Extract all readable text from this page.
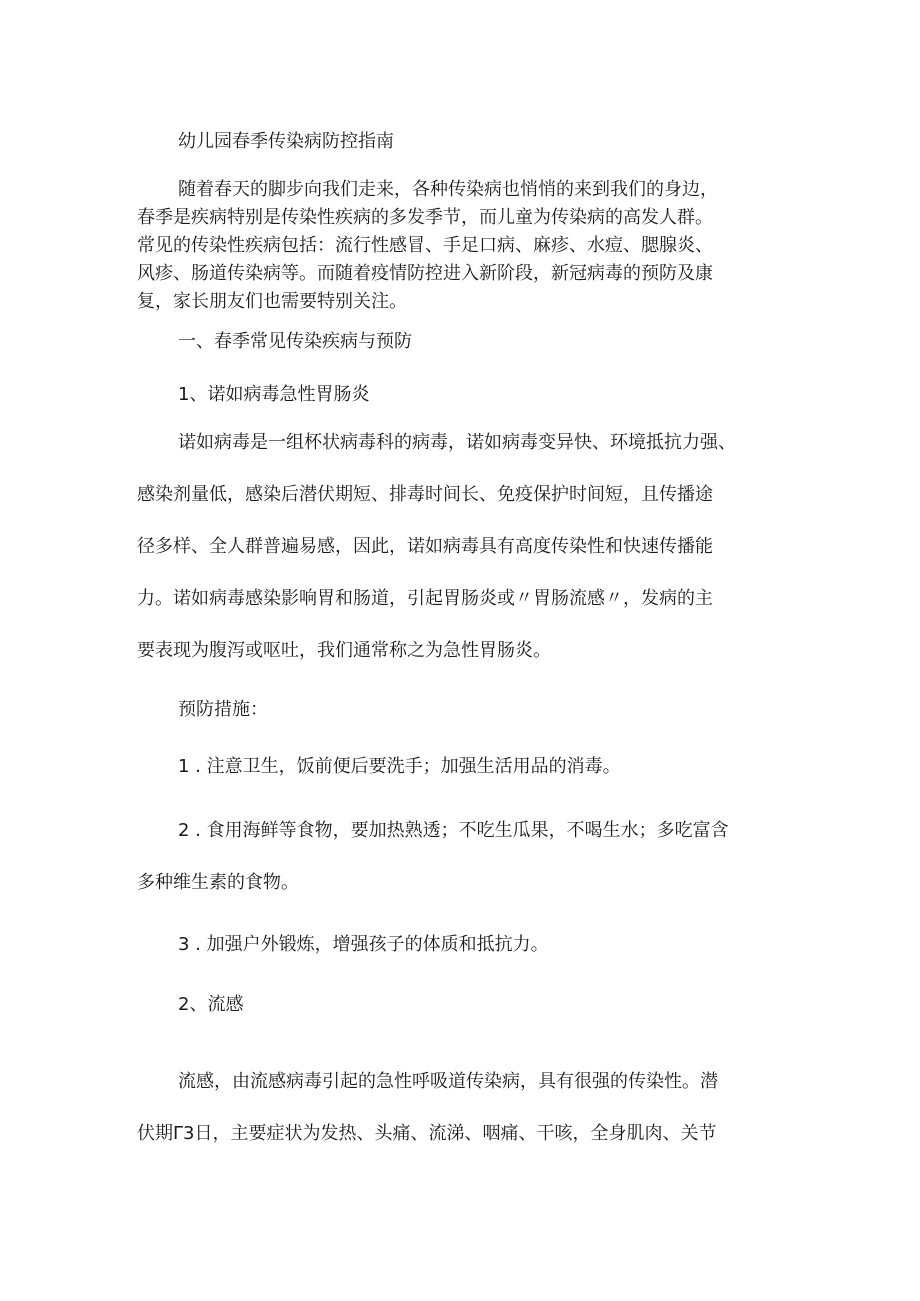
幼儿园春季传染病防控指南
随着春天的脚步向我们走来，各种传染病也悄悄的来到我们的身边，
春季是疾病特别是传染性疾病的多发季节，而儿童为传染病的高发人群。
常见的传染性疾病包括：流行性感冒、手足口病、麻疹、水痘、腮腺炎、
风疹、肠道传染病等。而随着疫情防控进入新阶段，新冠病毒的预防及康
复，家长朋友们也需要特别关注。
一、春季常见传染疾病与预防
1、诺如病毒急性胃肠炎
诺如病毒是一组杯状病毒科的病毒，诺如病毒变异快、环境抵抗力强、
感染剂量低，感染后潜伏期短、排毒时间长、免疫保护时间短，且传播途
径多样、全人群普遍易感，因此，诺如病毒具有高度传染性和快速传播能
力。诺如病毒感染影响胃和肠道，引起胃肠炎或〃胃肠流感〃，发病的主
要表现为腹泻或呕吐，我们通常称之为急性胃肠炎。
预防措施：
1 . 注意卫生，饭前便后要洗手；加强生活用品的消毒。
2 . 食用海鲜等食物，要加热熟透；不吃生瓜果，不喝生水；多吃富含
多种维生素的食物。
3 . 加强户外锻炼，增强孩子的体质和抵抗力。
2、流感
流感，由流感病毒引起的急性呼吸道传染病，具有很强的传染性。潜
伏期Γ3日，主要症状为发热、头痛、流涕、咽痛、干咳，全身肌肉、关节
